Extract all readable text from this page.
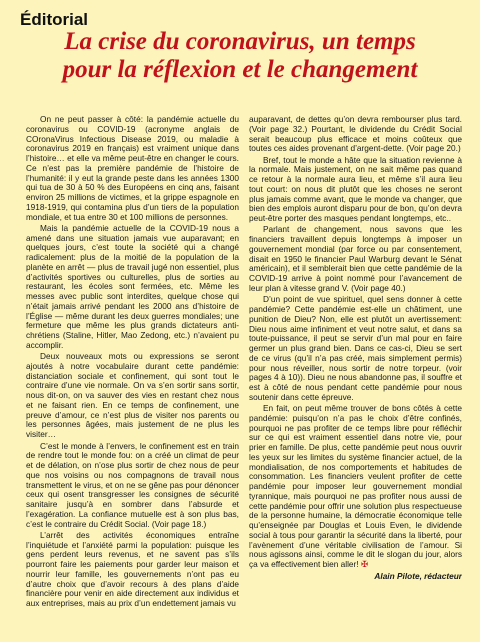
Éditorial
La crise du coronavirus, un temps
pour la réflexion et le changement

On ne peut passer à côté: la pandémie actuelle du coronavirus ou COVID-19 (acronyme anglais de COronaVirus Infectious Disease 2019, ou maladie à coronavirus 2019 en français) est vraiment unique dans l’histoire… et elle va même peut-être en changer le cours. Ce n’est pas la première pandémie de l’histoire de l’humanité: il y eut la grande peste dans les années 1300 qui tua de 30 à 50 % des Européens en cinq ans, faisant environ 25 millions de victimes, et la grippe espagnole en 1918-1919, qui contamina plus d’un tiers de la population mondiale, et tua entre 30 et 100 millions de personnes.

Mais la pandémie actuelle de la COVID-19 nous a amené dans une situation jamais vue auparavant; en quelques jours, c’est toute la société qui a changé radicalement: plus de la moitié de la population de la planète en arrêt — plus de travail jugé non essentiel, plus d’activités sportives ou culturelles, plus de sorties au restaurant, les écoles sont fermées, etc. Même les messes avec public sont interdites, quelque chose qui n’était jamais arrivé pendant les 2000 ans d’histoire de l’Église — même durant les deux guerres mondiales; une fermeture que même les plus grands dictateurs anti-chrétiens (Staline, Hitler, Mao Zedong, etc.) n’avaient pu accomplir.

Deux nouveaux mots ou expressions se seront ajoutés à notre vocabulaire durant cette pandémie: distanciation sociale et confinement, qui sont tout le contraire d’une vie normale. On va s’en sortir sans sortir, nous dit-on, on va sauver des vies en restant chez nous et ne faisant rien. En ce temps de confinement, une preuve d’amour, ce n’est plus de visiter nos parents ou les personnes âgées, mais justement de ne plus les visiter…

C’est le monde à l’envers, le confinement est en train de rendre tout le monde fou: on a créé un climat de peur et de délation, on n’ose plus sortir de chez nous de peur que nos voisins ou nos compagnons de travail nous transmettent le virus, et on ne se gêne pas pour dénoncer ceux qui osent transgresser les consignes de sécurité sanitaire jusqu’à en sombrer dans l’absurde et l’exagération. La confiance mutuelle est à son plus bas, c’est le contraire du Crédit Social. (Voir page 18.)

L’arrêt des activités économiques entraîne l’inquiétude et l’anxiété parmi la population: puisque les gens perdent leurs revenus, et ne savent pas s’ils pourront faire les paiements pour garder leur maison et nourrir leur famille, les gouvernements n’ont pas eu d’autre choix que d’avoir recours à des plans d’aide financière pour venir en aide directement aux individus et aux entreprises, mais au prix d’un endettement jamais vu

auparavant, de dettes qu’on devra rembourser plus tard. (Voir page 32.) Pourtant, le dividende du Crédit Social serait beaucoup plus efficace et moins coûteux que toutes ces aides provenant d’argent-dette. (Voir page 20.)

Bref, tout le monde a hâte que la situation revienne à la normale. Mais justement, on ne sait même pas quand ce retour à la normale aura lieu, et même s’il aura lieu tout court: on nous dit plutôt que les choses ne seront plus jamais comme avant, que le monde va changer, que bien des emplois auront disparu pour de bon, qu’on devra peut-être porter des masques pendant longtemps, etc..

Parlant de changement, nous savons que les financiers travaillent depuis longtemps à imposer un gouvernement mondial (par force ou par consentement, disait en 1950 le financier Paul Warburg devant le Sénat américain), et il semblerait bien que cette pandémie de la COVID-19 arrive à point nommé pour l’avancement de leur plan à vitesse grand V. (Voir page 40.)

D’un point de vue spirituel, quel sens donner à cette pandémie? Cette pandémie est-elle un châtiment, une punition de Dieu? Non, elle est plutôt un avertissement: Dieu nous aime infiniment et veut notre salut, et dans sa toute-puissance, il peut se servir d’un mal pour en faire germer un plus grand bien. Dans ce cas-ci, Dieu se sert de ce virus (qu’il n’a pas créé, mais simplement permis) pour nous réveiller, nous sortir de notre torpeur. (voir pages 4 à 10)). Dieu ne nous abandonne pas, il souffre et est à côté de nous pendant cette pandémie pour nous soutenir dans cette épreuve.

En fait, on peut même trouver de bons côtés à cette pandémie: puisqu’on n’a pas le choix d’être confinés, pourquoi ne pas profiter de ce temps libre pour réfléchir sur ce qui est vraiment essentiel dans notre vie, pour prier en famille. De plus, cette pandémie peut nous ouvrir les yeux sur les limites du système financier actuel, de la mondialisation, de nos comportements et habitudes de consommation. Les financiers veulent profiter de cette pandémie pour imposer leur gouvernement mondial tyrannique, mais pourquoi ne pas profiter nous aussi de cette pandémie pour offrir une solution plus respectueuse de la personne humaine, la démocratie économique telle qu’enseignée par Douglas et Louis Even, le dividende social à tous pour garantir la sécurité dans la liberté, pour l’avènement d’une véritable civilisation de l’amour. Si nous agissons ainsi, comme le dit le slogan du jour, alors ça va effectivement bien aller! ✠

Alain Pilote, rédacteur
